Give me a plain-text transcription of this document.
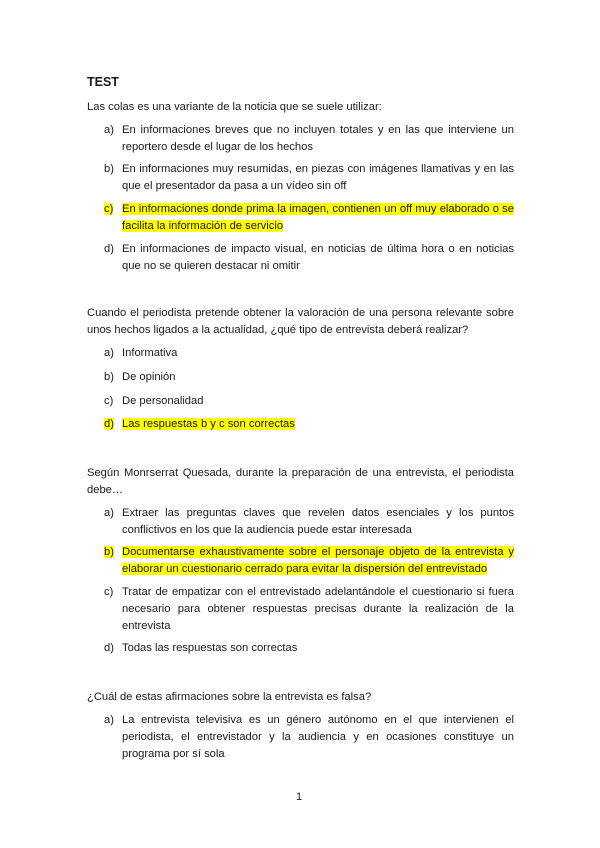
TEST
Las colas es una variante de la noticia que se suele utilizar:
a) En informaciones breves que no incluyen totales y en las que interviene un reportero desde el lugar de los hechos
b) En informaciones muy resumidas, en piezas con imágenes llamativas y en las que el presentador da pasa a un vídeo sin off
c) En informaciones donde prima la imagen, contienen un off muy elaborado o se facilita la información de servicio
d) En informaciones de impacto visual, en noticias de última hora o en noticias que no se quieren destacar ni omitir
Cuando el periodista pretende obtener la valoración de una persona relevante sobre unos hechos ligados a la actualidad, ¿qué tipo de entrevista deberá realizar?
a) Informativa
b) De opinión
c) De personalidad
d) Las respuestas b y c son correctas
Según Monrserrat Quesada, durante la preparación de una entrevista, el periodista debe…
a) Extraer las preguntas claves que revelen datos esenciales y los puntos conflictivos en los que la audiencia puede estar interesada
b) Documentarse exhaustivamente sobre el personaje objeto de la entrevista y elaborar un cuestionario cerrado para evitar la dispersión del entrevistado
c) Tratar de empatizar con el entrevistado adelantándole el cuestionario si fuera necesario para obtener respuestas precisas durante la realización de la entrevista
d) Todas las respuestas son correctas
¿Cuál de estas afirmaciones sobre la entrevista es falsa?
a) La entrevista televisiva es un género autónomo en el que intervienen el periodista, el entrevistador y la audiencia y en ocasiones constituye un programa por sí sola
1
